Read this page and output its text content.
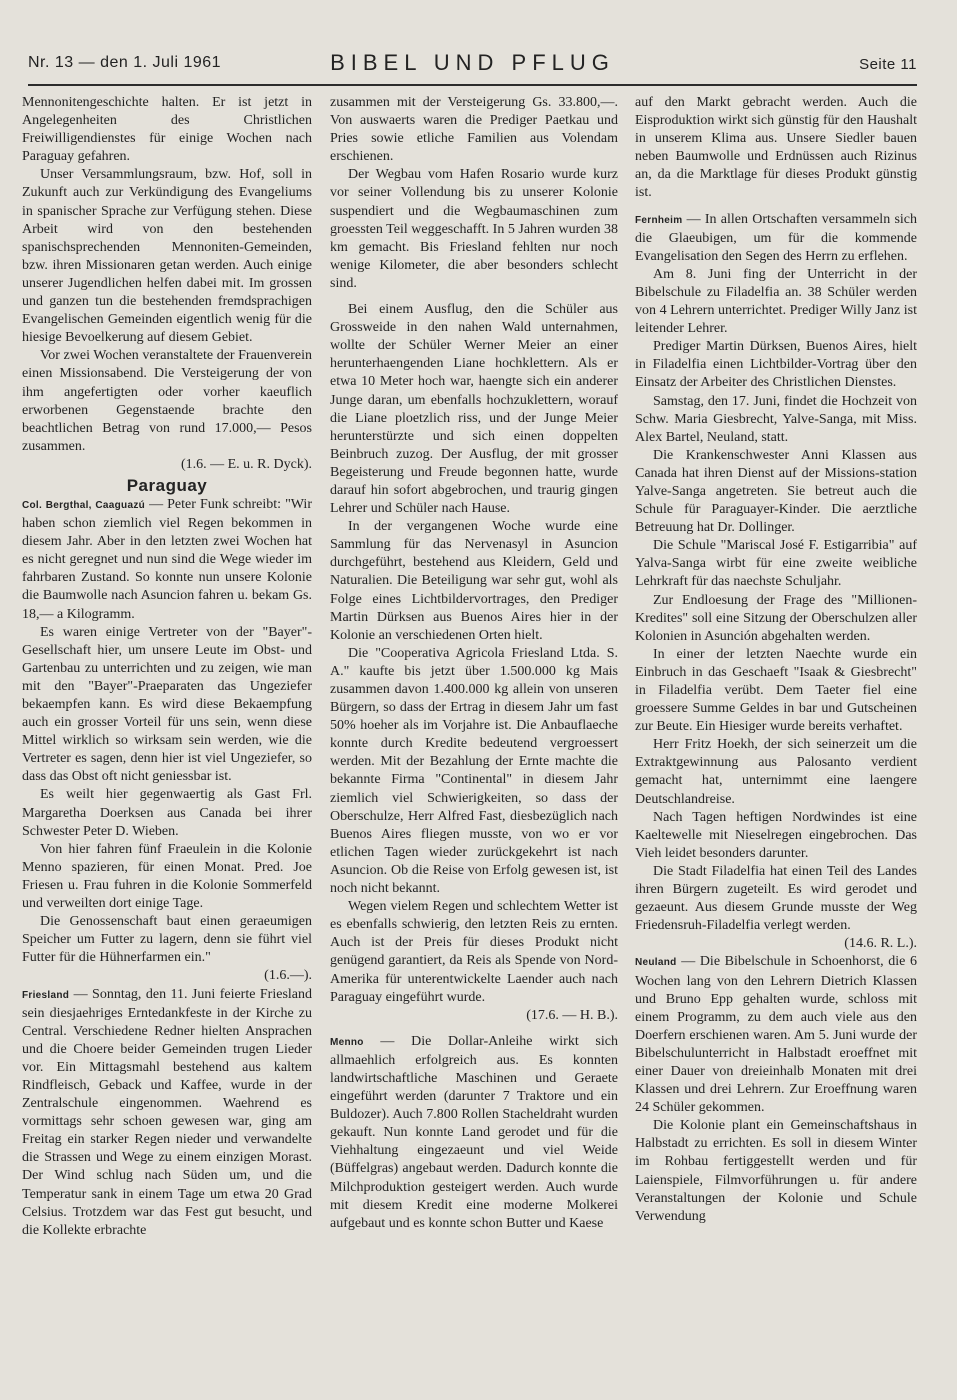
Nr. 13 — den 1. Juli 1961	BIBEL UND PFLUG	Seite 11

Mennonitengeschichte halten. Er ist jetzt in Angelegenheiten des Christlichen Freiwilligendienstes für einige Wochen nach Paraguay gefahren.

Unser Versammlungsraum, bzw. Hof, soll in Zukunft auch zur Verkündigung des Evangeliums in spanischer Sprache zur Verfügung stehen. Diese Arbeit wird von den bestehenden spanischsprechenden Mennoniten-Gemeinden, bzw. ihren Missionaren getan werden. Auch einige unserer Jugendlichen helfen dabei mit. Im grossen und ganzen tun die bestehenden fremdsprachigen Evangelischen Gemeinden eigentlich wenig für die hiesige Bevoelkerung auf diesem Gebiet.

Vor zwei Wochen veranstaltete der Frauenverein einen Missionsabend. Die Versteigerung der von ihm angefertigten oder vorher kaeuflich erworbenen Gegenstaende brachte den beachtlichen Betrag von rund 17.000,— Pesos zusammen.
(1.6. — E. u. R. Dyck).

Paraguay

Col. Bergthal, Caaguazú — Peter Funk schreibt: "Wir haben schon ziemlich viel Regen bekommen in diesem Jahr. Aber in den letzten zwei Wochen hat es nicht geregnet und nun sind die Wege wieder im fahrbaren Zustand. So konnte nun unsere Kolonie die Baumwolle nach Asuncion fahren u. bekam Gs. 18,— a Kilogramm.

Es waren einige Vertreter von der "Bayer"-Gesellschaft hier, um unsere Leute im Obst- und Gartenbau zu unterrichten und zu zeigen, wie man mit den "Bayer"-Praeparaten das Ungeziefer bekaempfen kann. Es wird diese Bekaempfung auch ein grosser Vorteil für uns sein, wenn diese Mittel wirklich so wirksam sein werden, wie die Vertreter es sagen, denn hier ist viel Ungeziefer, so dass das Obst oft nicht geniessbar ist.

Es weilt hier gegenwaertig als Gast Frl. Margaretha Doerksen aus Canada bei ihrer Schwester Peter D. Wieben.

Von hier fahren fünf Fraeulein in die Kolonie Menno spazieren, für einen Monat. Pred. Joe Friesen u. Frau fuhren in die Kolonie Sommerfeld und verweilten dort einige Tage.

Die Genossenschaft baut einen geraeumigen Speicher um Futter zu lagern, denn sie führt viel Futter für die Hühnerfarmen ein."
(1.6.—).

Friesland — Sonntag, den 11. Juni feierte Friesland sein diesjaehriges Erntedankfeste in der Kirche zu Central. Verschiedene Redner hielten Ansprachen und die Choere beider Gemeinden trugen Lieder vor. Ein Mittagsmahl bestehend aus kaltem Rindfleisch, Geback und Kaffee, wurde in der Zentralschule eingenommen. Waehrend es vormittags sehr schoen gewesen war, ging am Freitag ein starker Regen nieder und verwandelte die Strassen und Wege zu einem einzigen Morast. Der Wind schlug nach Süden um, und die Temperatur sank in einem Tage um etwa 20 Grad Celsius. Trotzdem war das Fest gut besucht, und die Kollekte erbrachte

zusammen mit der Versteigerung Gs. 33.800,—. Von auswaerts waren die Prediger Paetkau und Pries sowie etliche Familien aus Volendam erschienen.

Der Wegbau vom Hafen Rosario wurde kurz vor seiner Vollendung bis zu unserer Kolonie suspendiert und die Wegbaumaschinen zum groessten Teil weggeschafft. In 5 Jahren wurden 38 km gemacht. Bis Friesland fehlten nur noch wenige Kilometer, die aber besonders schlecht sind.

Bei einem Ausflug, den die Schüler aus Grossweide in den nahen Wald unternahmen, wollte der Schüler Werner Meier an einer herunterhaengenden Liane hochklettern. Als er etwa 10 Meter hoch war, haengte sich ein anderer Junge daran, um ebenfalls hochzuklettern, worauf die Liane ploetzlich riss, und der Junge Meier herunterstürzte und sich einen doppelten Beinbruch zuzog. Der Ausflug, der mit grosser Begeisterung und Freude begonnen hatte, wurde darauf hin sofort abgebrochen, und traurig gingen Lehrer und Schüler nach Hause.

In der vergangenen Woche wurde eine Sammlung für das Nervenasyl in Asuncion durchgeführt, bestehend aus Kleidern, Geld und Naturalien. Die Beteiligung war sehr gut, wohl als Folge eines Lichtbildervortrages, den Prediger Martin Dürksen aus Buenos Aires hier in der Kolonie an verschiedenen Orten hielt.

Die "Cooperativa Agricola Friesland Ltda. S. A." kaufte bis jetzt über 1.500.000 kg Mais zusammen davon 1.400.000 kg allein von unseren Bürgern, so dass der Ertrag in diesem Jahr um fast 50% hoeher als im Vorjahre ist. Die Anbauflaeche konnte durch Kredite bedeutend vergroessert werden. Mit der Bezahlung der Ernte machte die bekannte Firma "Continental" in diesem Jahr ziemlich viel Schwierigkeiten, so dass der Oberschulze, Herr Alfred Fast, diesbezüglich nach Buenos Aires fliegen musste, von wo er vor etlichen Tagen wieder zurückgekehrt ist nach Asuncion. Ob die Reise von Erfolg gewesen ist, ist noch nicht bekannt.

Wegen vielem Regen und schlechtem Wetter ist es ebenfalls schwierig, den letzten Reis zu ernten. Auch ist der Preis für dieses Produkt nicht genügend garantiert, da Reis als Spende von Nord-Amerika für unterentwickelte Laender auch nach Paraguay eingeführt wurde.
(17.6. — H. B.).

Menno — Die Dollar-Anleihe wirkt sich allmaehlich erfolgreich aus. Es konnten landwirtschaftliche Maschinen und Geraete eingeführt werden (darunter 7 Traktore und ein Buldozer). Auch 7.800 Rollen Stacheldraht wurden gekauft. Nun konnte Land gerodet und für die Viehhaltung eingezaeunt und viel Weide (Büffelgras) angebaut werden. Dadurch konnte die Milchproduktion gesteigert werden. Auch wurde mit diesem Kredit eine moderne Molkerei aufgebaut und es konnte schon Butter und Kaese

auf den Markt gebracht werden. Auch die Eisproduktion wirkt sich günstig für den Haushalt in unserem Klima aus. Unsere Siedler bauen neben Baumwolle und Erdnüssen auch Rizinus an, da die Marktlage für dieses Produkt günstig ist.

Fernheim — In allen Ortschaften versammeln sich die Glaeubigen, um für die kommende Evangelisation den Segen des Herrn zu erflehen.

Am 8. Juni fing der Unterricht in der Bibelschule zu Filadelfia an. 38 Schüler werden von 4 Lehrern unterrichtet. Prediger Willy Janz ist leitender Lehrer.

Prediger Martin Dürksen, Buenos Aires, hielt in Filadelfia einen Lichtbilder-Vortrag über den Einsatz der Arbeiter des Christlichen Dienstes.

Samstag, den 17. Juni, findet die Hochzeit von Schw. Maria Giesbrecht, Yalve-Sanga, mit Miss. Alex Bartel, Neuland, statt.

Die Krankenschwester Anni Klassen aus Canada hat ihren Dienst auf der Missions-station Yalve-Sanga angetreten. Sie betreut auch die Schule für Paraguayer-Kinder. Die aerztliche Betreuung hat Dr. Dollinger.

Die Schule "Mariscal José F. Estigarribia" auf Yalva-Sanga wirbt für eine zweite weibliche Lehrkraft für das naechste Schuljahr.

Zur Endloesung der Frage des "Millionen-Kredites" soll eine Sitzung der Oberschulzen aller Kolonien in Asunción abgehalten werden.

In einer der letzten Naechte wurde ein Einbruch in das Geschaeft "Isaak & Giesbrecht" in Filadelfia verübt. Dem Taeter fiel eine groessere Summe Geldes in bar und Gutscheinen zur Beute. Ein Hiesiger wurde bereits verhaftet.

Herr Fritz Hoekh, der sich seinerzeit um die Extraktgewinnung aus Palosanto verdient gemacht hat, unternimmt eine laengere Deutschlandreise.

Nach Tagen heftigen Nordwindes ist eine Kaeltewelle mit Nieselregen eingebrochen. Das Vieh leidet besonders darunter.

Die Stadt Filadelfia hat einen Teil des Landes ihren Bürgern zugeteilt. Es wird gerodet und gezaeunt. Aus diesem Grunde musste der Weg Friedensruh-Filadelfia verlegt werden.
(14.6. R. L.).

Neuland — Die Bibelschule in Schoenhorst, die 6 Wochen lang von den Lehrern Dietrich Klassen und Bruno Epp gehalten wurde, schloss mit einem Programm, zu dem auch viele aus den Doerfern erschienen waren. Am 5. Juni wurde der Bibelschulunterricht in Halbstadt eroeffnet mit einer Dauer von dreieinhalb Monaten mit drei Klassen und drei Lehrern. Zur Eroeffnung waren 24 Schüler gekommen.

Die Kolonie plant ein Gemeinschaftshaus in Halbstadt zu errichten. Es soll in diesem Winter im Rohbau fertiggestellt werden und für Laienspiele, Filmvorführungen u. für andere Veranstaltungen der Kolonie und Schule Verwendung
